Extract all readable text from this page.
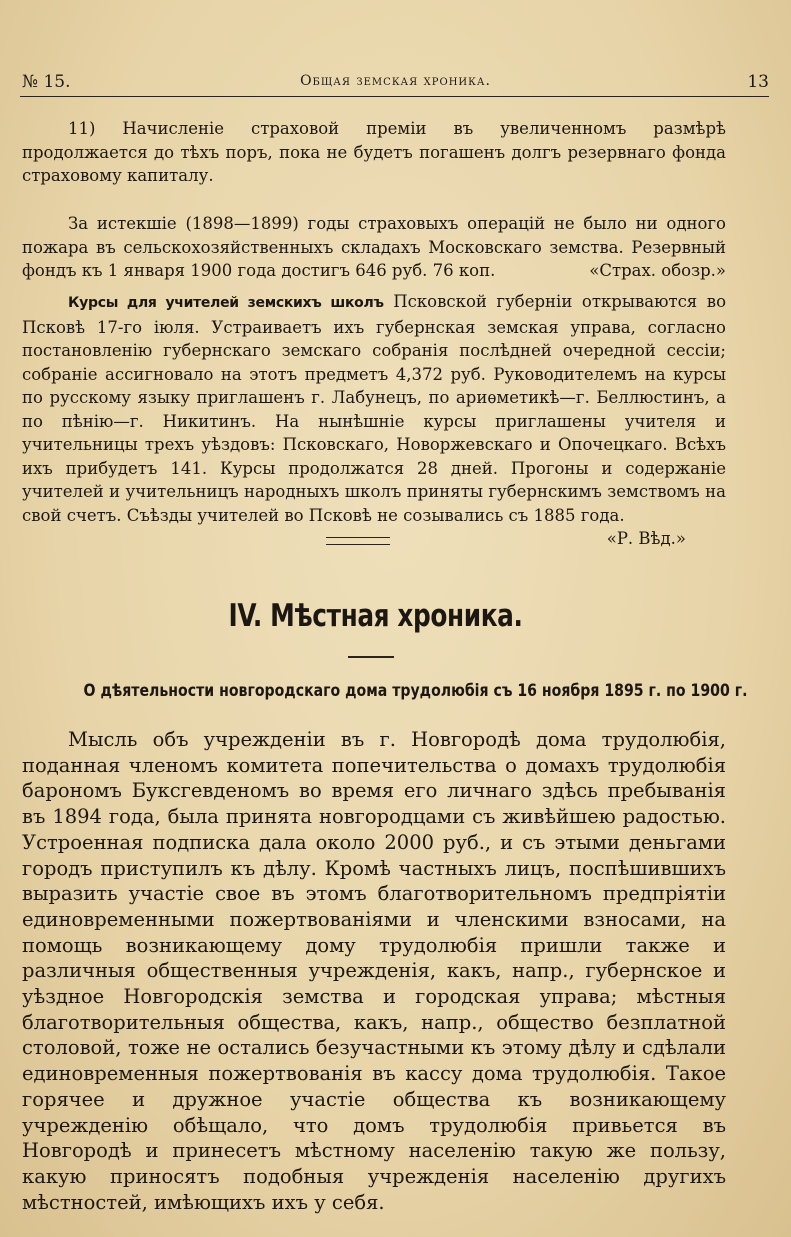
№ 15.	Общая земская хроника.	13
11) Начисленіе страховой преміи въ увеличенномъ размѣрѣ продолжается до тѣхъ поръ, пока не будетъ погашенъ долгъ резервнаго фонда страховому капиталу.
За истекшіе (1898—1899) годы страховыхъ операцій не было ни одного пожара въ сельскохозяйственныхъ складахъ Московскаго земства. Резервный фондъ къ 1 января 1900 года достигъ 646 руб. 76 коп.	«Страх. обозр.»
Курсы для учителей земскихъ школъ Псковской губерніи открываются во Псковѣ 17-го іюля. Устраиваетъ ихъ губернская земская управа, согласно постановленію губернскаго земскаго собранія послѣдней очередной сессіи; собраніе ассигновало на этотъ предметъ 4,372 руб. Руководителемъ на курсы по русскому языку приглашенъ г. Лабунецъ, по ариѳметикѣ—г. Беллюстинъ, а по пѣнію—г. Никитинъ. На нынѣшніе курсы приглашены учителя и учительницы трехъ уѣздовъ: Псковскаго, Новоржевскаго и Опочецкаго. Всѣхъ ихъ прибудетъ 141. Курсы продолжатся 28 дней. Прогоны и содержаніе учителей и учительницъ народныхъ школъ приняты губернскимъ земствомъ на свой счетъ. Съѣзды учителей во Псковѣ не созывались съ 1885 года.
«Р. Вѣд.»
IV. Мѣстная хроника.
О дѣятельности новгородскаго дома трудолюбія съ 16 ноября 1895 г. по 1900 г.

Мысль объ учрежденіи въ г. Новгородѣ дома трудолюбія, поданная членомъ комитета попечительства о домахъ трудолюбія барономъ Буксгевденомъ во время его личнаго здѣсь пребыванія въ 1894 года, была принята новгородцами съ живѣйшею радостью. Устроенная подписка дала около 2000 руб., и съ этыми деньгами городъ приступилъ къ дѣлу. Кромѣ частныхъ лицъ, поспѣшившихъ выразить участіе свое въ этомъ благотворительномъ предпріятіи единовременными пожертвованіями и членскими взносами, на помощь возникающему дому трудолюбія пришли также и различныя общественныя учрежденія, какъ, напр., губернское и уѣздное Новгородскія земства и городская управа; мѣстныя благотворительныя общества, какъ, напр., общество безплатной столовой, тоже не остались безучастными къ этому дѣлу и сдѣлали единовременныя пожертвованія въ кассу дома трудолюбія. Такое горячее и дружное участіе общества къ возникающему учрежденію обѣщало, что домъ трудолюбія привьется въ Новгородѣ и принесетъ мѣстному населенію такую же пользу, какую приносятъ подобныя учрежденія населенію другихъ мѣстностей, имѣющихъ ихъ у себя.
